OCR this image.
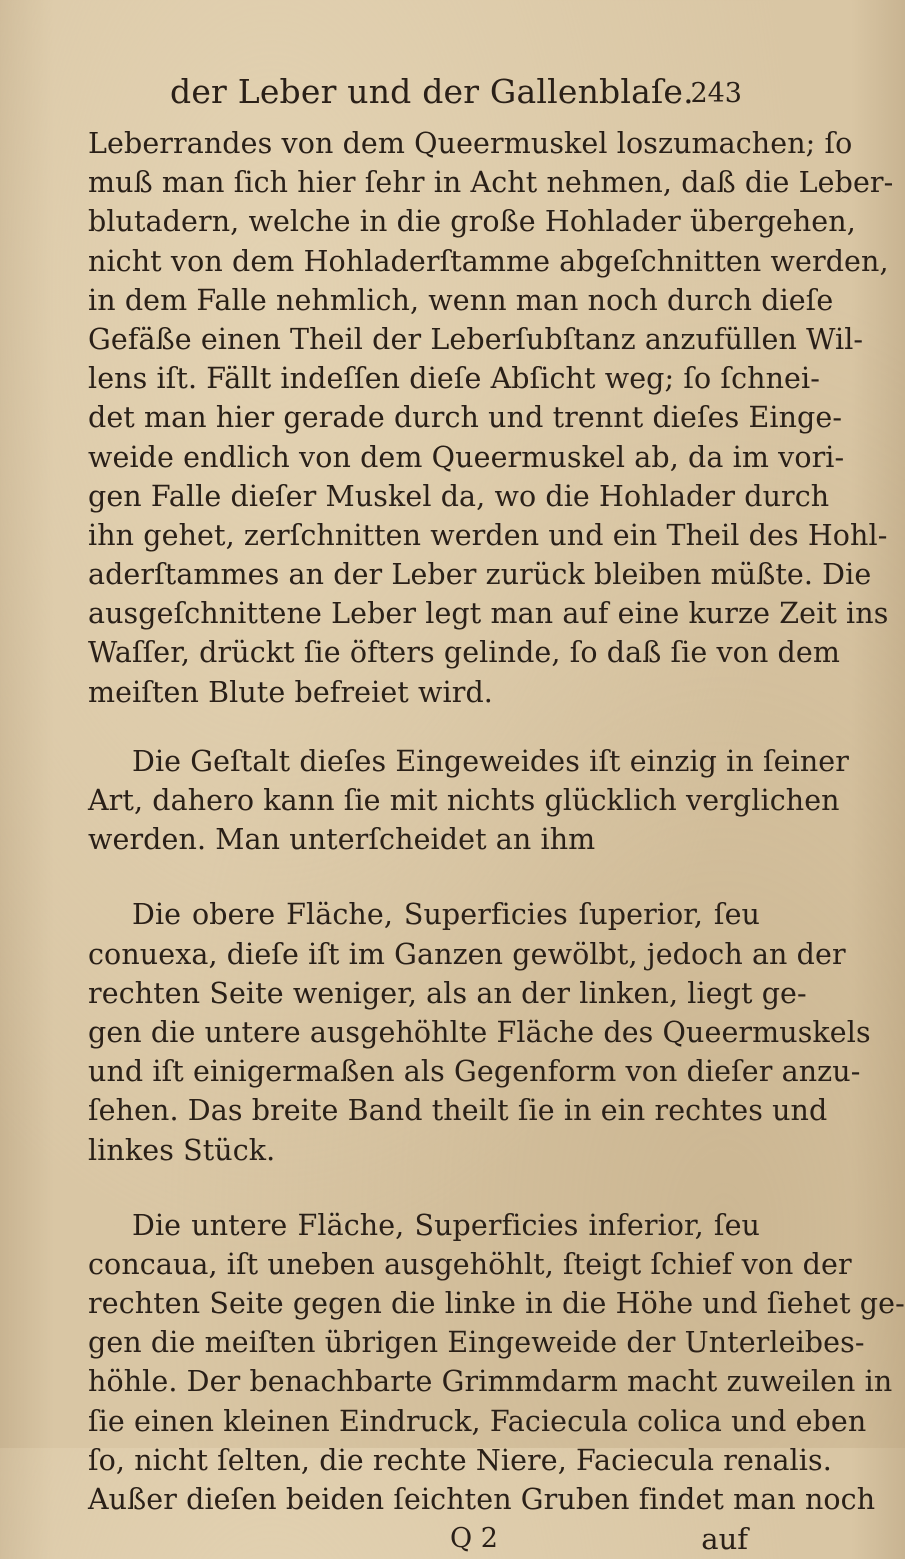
der Leber und der Gallenblaſe.
243
Leberrandes von dem Queermuskel loszumachen; ſo
muß man ſich hier ſehr in Acht nehmen, daß die Leber-
blutadern, welche in die große Hohlader übergehen,
nicht von dem Hohladerſtamme abgeſchnitten werden,
in dem Falle nehmlich, wenn man noch durch dieſe
Gefäße einen Theil der Leberſubſtanz anzufüllen Wil-
lens iſt. Fällt indeſſen dieſe Abſicht weg; ſo ſchnei-
det man hier gerade durch und trennt dieſes Einge-
weide endlich von dem Queermuskel ab, da im vori-
gen Falle dieſer Muskel da, wo die Hohlader durch
ihn gehet, zerſchnitten werden und ein Theil des Hohl-
aderſtammes an der Leber zurück bleiben müßte. Die
ausgeſchnittene Leber legt man auf eine kurze Zeit ins
Waſſer, drückt ſie öfters gelinde, ſo daß ſie von dem
meiſten Blute befreiet wird.
Die Geſtalt dieſes Eingeweides iſt einzig in ſeiner
Art, dahero kann ſie mit nichts glücklich verglichen
werden. Man unterſcheidet an ihm
Die obere Fläche, Superficies ſuperior, ſeu
conuexa, dieſe iſt im Ganzen gewölbt, jedoch an der
rechten Seite weniger, als an der linken, liegt ge-
gen die untere ausgehöhlte Fläche des Queermuskels
und iſt einigermaßen als Gegenform von dieſer anzu-
ſehen. Das breite Band theilt ſie in ein rechtes und
linkes Stück.
Die untere Fläche, Superficies inferior, ſeu
concaua, iſt uneben ausgehöhlt, ſteigt ſchief von der
rechten Seite gegen die linke in die Höhe und ſiehet ge-
gen die meiſten übrigen Eingeweide der Unterleibes-
höhle. Der benachbarte Grimmdarm macht zuweilen in
ſie einen kleinen Eindruck, Faciecula colica und eben
ſo, nicht ſelten, die rechte Niere, Faciecula renalis.
Außer dieſen beiden ſeichten Gruben findet man noch
Q 2	auf
